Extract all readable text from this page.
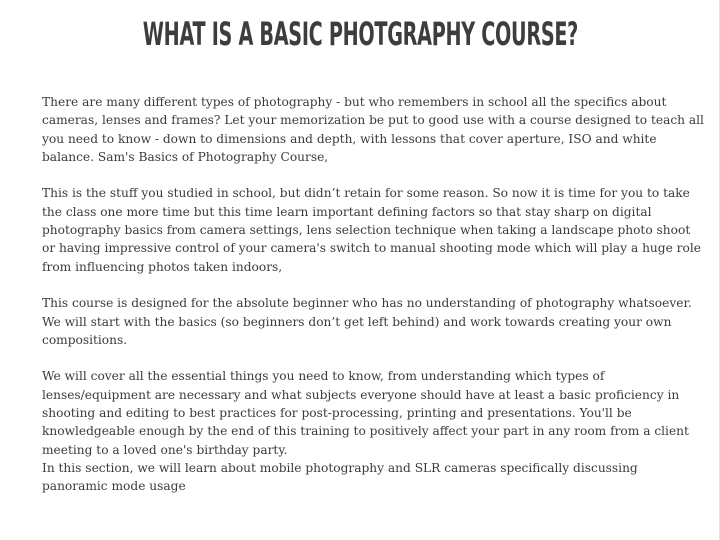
WHAT IS A BASIC PHOTGRAPHY COURSE?

There are many different types of photography - but who remembers in school all the specifics about cameras, lenses and frames? Let your memorization be put to good use with a course designed to teach all you need to know - down to dimensions and depth, with lessons that cover aperture, ISO and white balance. Sam's Basics of Photography Course,

This is the stuff you studied in school, but didn’t retain for some reason. So now it is time for you to take the class one more time but this time learn important defining factors so that stay sharp on digital photography basics from camera settings, lens selection technique when taking a landscape photo shoot or having impressive control of your camera's switch to manual shooting mode which will play a huge role from influencing photos taken indoors,

This course is designed for the absolute beginner who has no understanding of photography whatsoever. We will start with the basics (so beginners don’t get left behind) and work towards creating your own compositions.

We will cover all the essential things you need to know, from understanding which types of lenses/equipment are necessary and what subjects everyone should have at least a basic proficiency in shooting and editing to best practices for post-processing, printing and presentations. You'll be knowledgeable enough by the end of this training to positively affect your part in any room from a client meeting to a loved one's birthday party.

In this section, we will learn about mobile photography and SLR cameras specifically discussing panoramic mode usage
